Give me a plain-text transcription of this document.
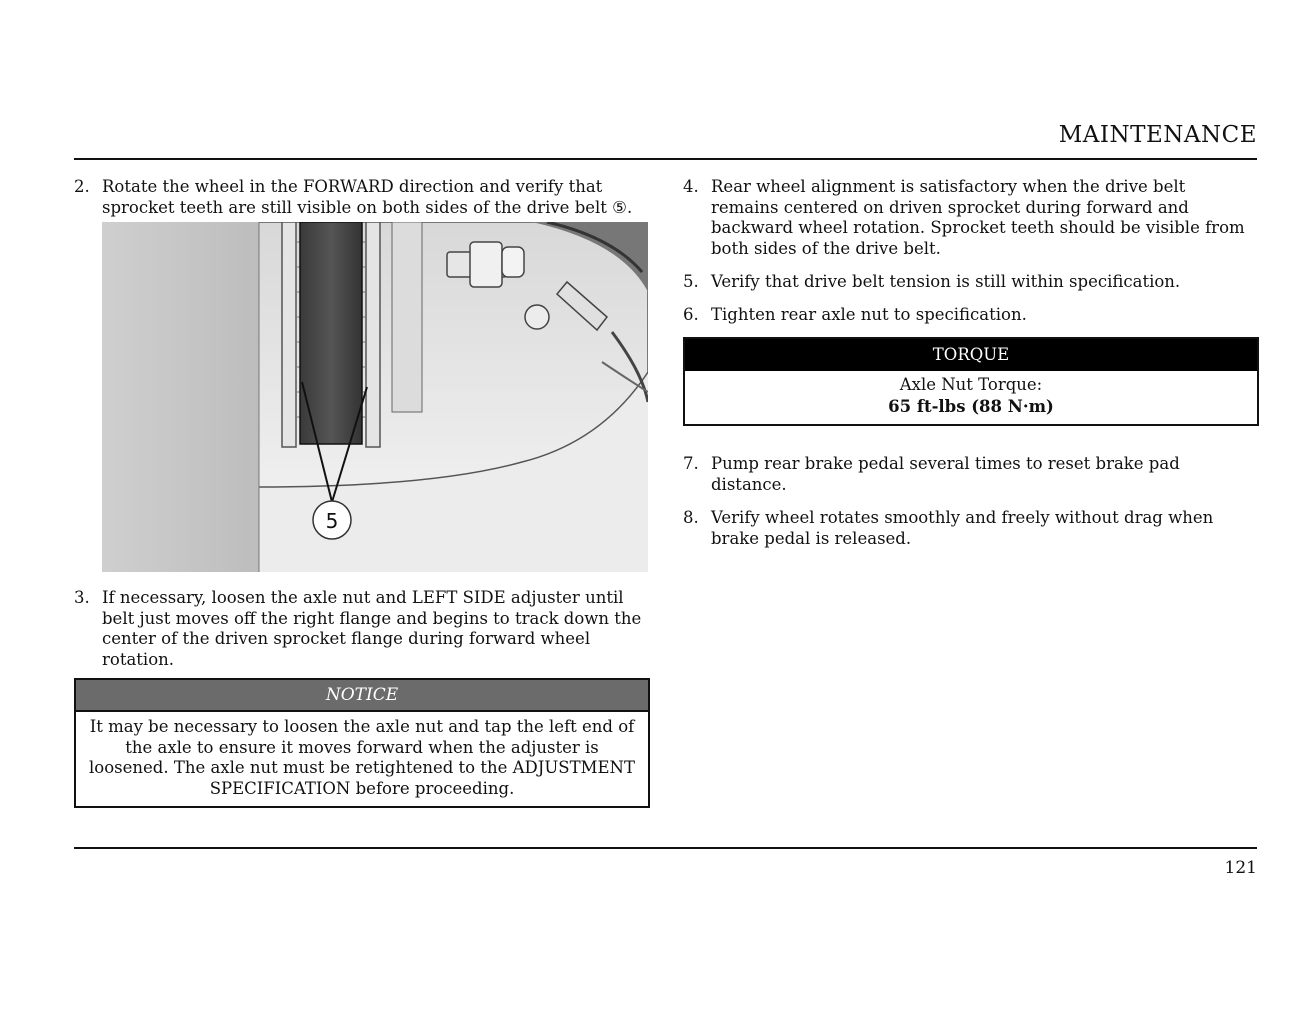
MAINTENANCE
2. Rotate the wheel in the FORWARD direction and verify that sprocket teeth are still visible on both sides of the drive belt ⑤.
5
3. If necessary, loosen the axle nut and LEFT SIDE adjuster until belt just moves off the right flange and begins to track down the center of the driven sprocket flange during forward wheel rotation.
NOTICE
It may be necessary to loosen the axle nut and tap the left end of the axle to ensure it moves forward when the adjuster is loosened. The axle nut must be retightened to the ADJUSTMENT SPECIFICATION before proceeding.
4. Rear wheel alignment is satisfactory when the drive belt remains centered on driven sprocket during forward and backward wheel rotation. Sprocket teeth should be visible from both sides of the drive belt.
5. Verify that drive belt tension is still within specification.
6. Tighten rear axle nut to specification.
TORQUE
Axle Nut Torque:
65 ft-lbs (88 N·m)
7. Pump rear brake pedal several times to reset brake pad distance.
8. Verify wheel rotates smoothly and freely without drag when brake pedal is released.
121
